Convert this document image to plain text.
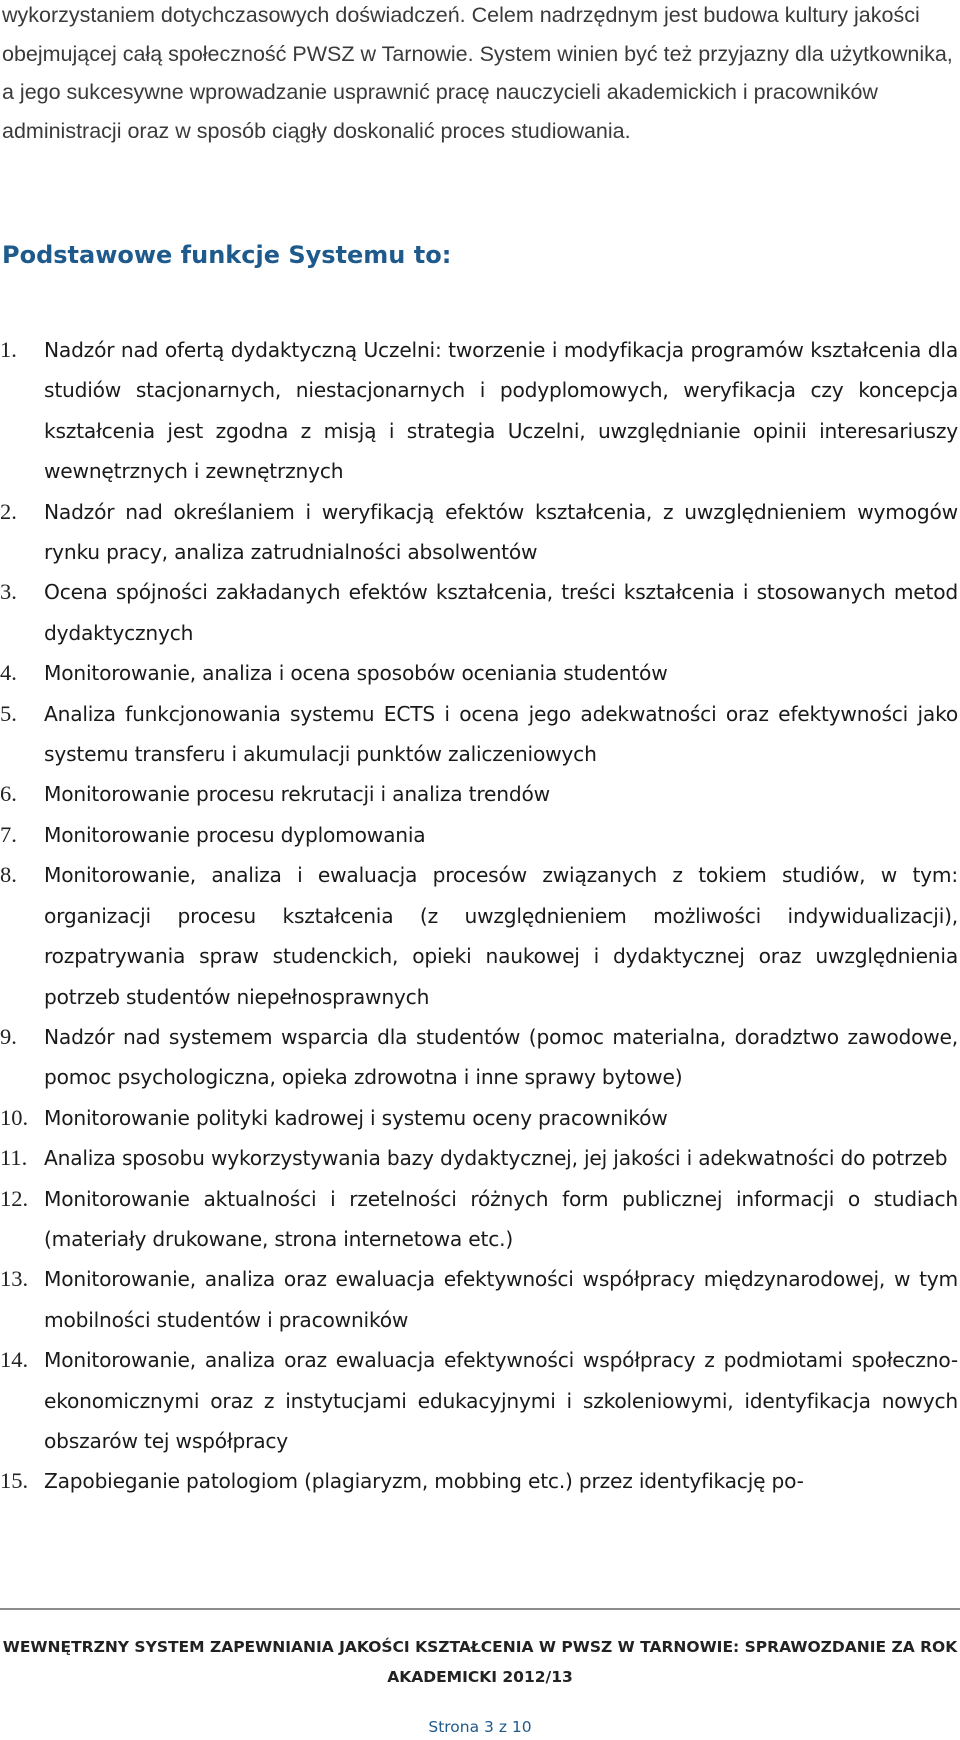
wykorzystaniem dotychczasowych doświadczeń. Celem nadrzędnym jest budowa kultury jakości obejmującej całą społeczność PWSZ w Tarnowie. System winien być też przyjazny dla użytkownika, a jego sukcesywne wprowadzanie usprawnić pracę nauczycieli akademickich i pracowników administracji oraz w sposób ciągły doskonalić proces studiowania.

Podstawowe funkcje Systemu to:
1.	Nadzór nad ofertą dydaktyczną Uczelni: tworzenie i modyfikacja programów kształcenia dla studiów stacjonarnych, niestacjonarnych i podyplomowych, weryfikacja czy koncepcja kształcenia jest zgodna z misją i strategia Uczelni, uwzględnianie opinii interesariuszy wewnętrznych i zewnętrznych
2.	Nadzór nad określaniem i weryfikacją efektów kształcenia, z uwzględnieniem wymogów rynku pracy, analiza zatrudnialności absolwentów
3.	Ocena spójności zakładanych efektów kształcenia, treści kształcenia i stosowanych metod dydaktycznych
4.	Monitorowanie, analiza i ocena sposobów oceniania studentów
5.	Analiza funkcjonowania systemu ECTS i ocena jego adekwatności oraz efektywności jako systemu transferu i akumulacji punktów zaliczeniowych
6.	Monitorowanie procesu rekrutacji i analiza trendów
7.	Monitorowanie procesu dyplomowania
8.	Monitorowanie, analiza i ewaluacja procesów związanych z tokiem studiów, w tym: organizacji procesu kształcenia (z uwzględnieniem możliwości indywidualizacji), rozpatrywania spraw studenckich, opieki naukowej i dydaktycznej oraz uwzględnienia potrzeb studentów niepełnosprawnych
9.	Nadzór nad systemem wsparcia dla studentów (pomoc materialna, doradztwo zawodowe, pomoc psychologiczna, opieka zdrowotna i inne sprawy bytowe)
10. Monitorowanie polityki kadrowej i systemu oceny pracowników
11. Analiza sposobu wykorzystywania bazy dydaktycznej, jej jakości i adekwatności do potrzeb
12. Monitorowanie aktualności i rzetelności różnych form publicznej informacji o studiach (materiały drukowane, strona internetowa etc.)
13. Monitorowanie, analiza oraz ewaluacja efektywności współpracy międzynarodowej, w tym mobilności studentów i pracowników
14. Monitorowanie, analiza oraz ewaluacja efektywności współpracy z podmiotami społeczno-ekonomicznymi oraz z instytucjami edukacyjnymi i szkoleniowymi, identyfikacja nowych obszarów tej współpracy
15. Zapobieganie patologiom (plagiaryzm, mobbing etc.) przez identyfikację po-

WEWNĘTRZNY SYSTEM ZAPEWNIANIA JAKOŚCI KSZTAŁCENIA W PWSZ W TARNOWIE: SPRAWOZDANIE ZA ROK AKADEMICKI 2012/13

Strona 3 z 10
